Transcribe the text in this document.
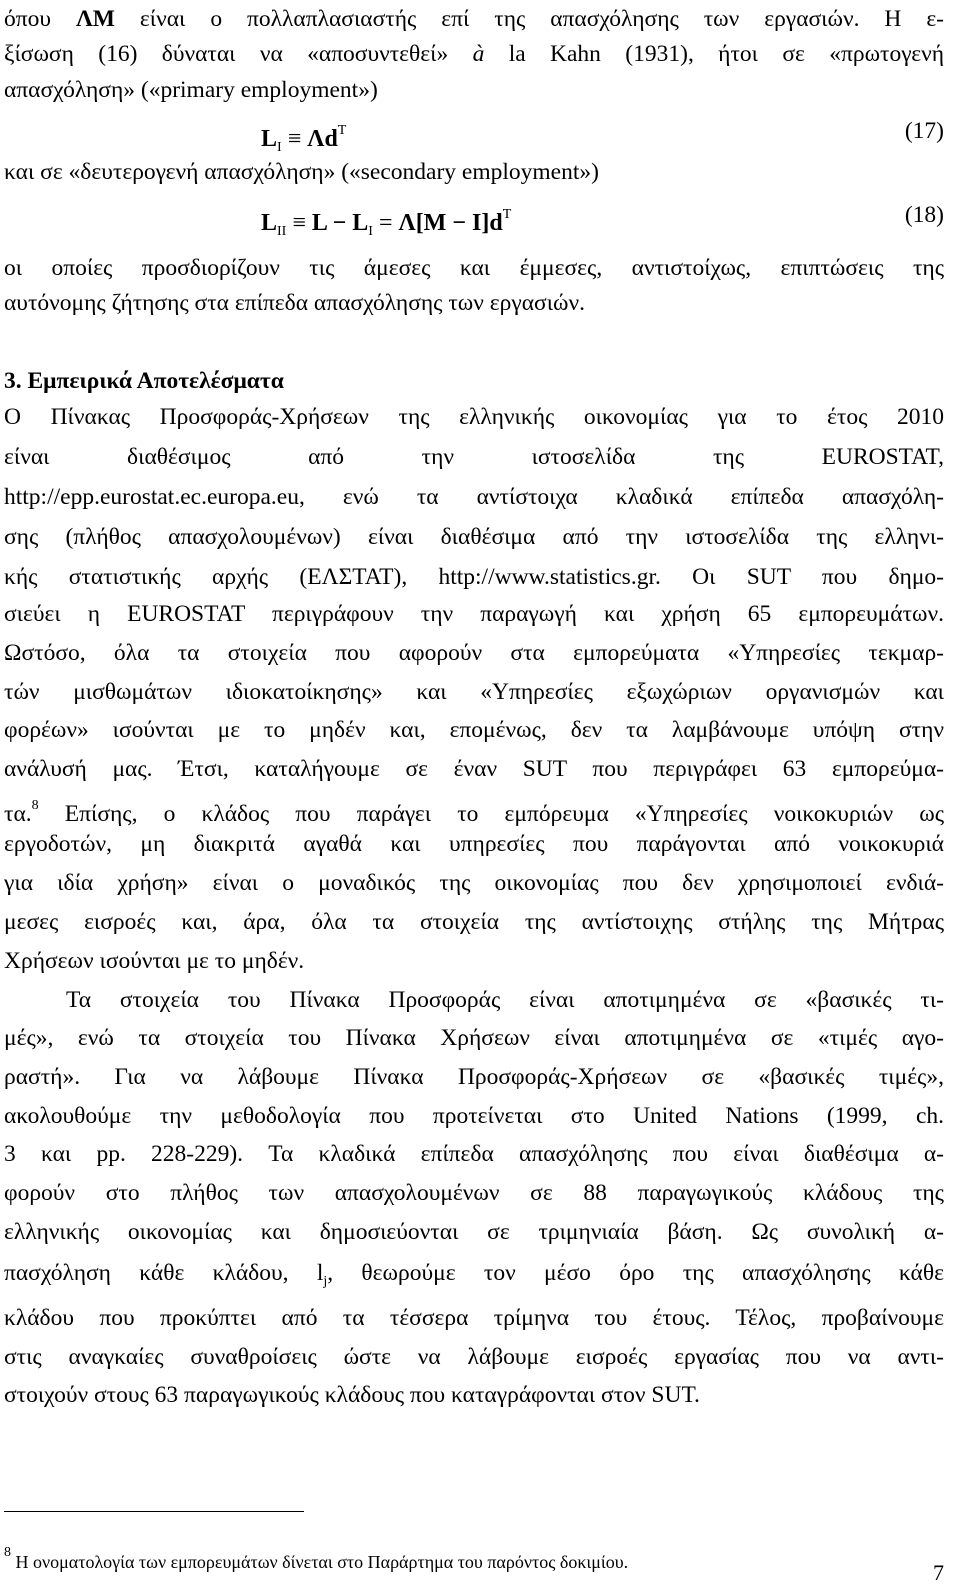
όπου ΛΜ είναι ο πολλαπλασιαστής επί της απασχόλησης των εργασιών. Η ε-
ξίσωση (16) δύναται να «αποσυντεθεί» à la Kahn (1931), ήτοι σε «πρωτογενή
απασχόληση» («primary employment»)
$L_I \equiv \Lambda d^T$	(17)
και σε «δευτερογενή απασχόληση» («secondary employment»)
$L_{II} \equiv L - L_I = \Lambda[M - I]d^T$	(18)
οι οποίες προσδιορίζουν τις άμεσες και έμμεσες, αντιστοίχως, επιπτώσεις της
αυτόνομης ζήτησης στα επίπεδα απασχόλησης των εργασιών.
3. Εμπειρικά Αποτελέσματα
Ο Πίνακας Προσφοράς-Χρήσεων της ελληνικής οικονομίας για το έτος 2010
είναι διαθέσιμος από την ιστοσελίδα της EUROSTAT,
http://epp.eurostat.ec.europa.eu, ενώ τα αντίστοιχα κλαδικά επίπεδα απασχόλη-
σης (πλήθος απασχολουμένων) είναι διαθέσιμα από την ιστοσελίδα της ελληνι-
κής στατιστικής αρχής (ΕΛΣΤΑΤ), http://www.statistics.gr. Οι SUT που δημο-
σιεύει η EUROSTAT περιγράφουν την παραγωγή και χρήση 65 εμπορευμάτων.
Ωστόσο, όλα τα στοιχεία που αφορούν στα εμπορεύματα «Υπηρεσίες τεκμαρ-
τών μισθωμάτων ιδιοκατοίκησης» και «Υπηρεσίες εξωχώριων οργανισμών και
φορέων» ισούνται με το μηδέν και, επομένως, δεν τα λαμβάνουμε υπόψη στην
ανάλυσή μας. Έτσι, καταλήγουμε σε έναν SUT που περιγράφει 63 εμπορεύμα-
τα.$^8$ Επίσης, ο κλάδος που παράγει το εμπόρευμα «Υπηρεσίες νοικοκυριών ως
εργοδοτών, μη διακριτά αγαθά και υπηρεσίες που παράγονται από νοικοκυριά
για ιδία χρήση» είναι ο μοναδικός της οικονομίας που δεν χρησιμοποιεί ενδιά-
μεσες εισροές και, άρα, όλα τα στοιχεία της αντίστοιχης στήλης της Μήτρας
Χρήσεων ισούνται με το μηδέν.
Τα στοιχεία του Πίνακα Προσφοράς είναι αποτιμημένα σε «βασικές τι-
μές», ενώ τα στοιχεία του Πίνακα Χρήσεων είναι αποτιμημένα σε «τιμές αγο-
ραστή». Για να λάβουμε Πίνακα Προσφοράς-Χρήσεων σε «βασικές τιμές»,
ακολουθούμε την μεθοδολογία που προτείνεται στο United Nations (1999, ch.
3 και pp. 228-229). Τα κλαδικά επίπεδα απασχόλησης που είναι διαθέσιμα α-
φορούν στο πλήθος των απασχολουμένων σε 88 παραγωγικούς κλάδους της
ελληνικής οικονομίας και δημοσιεύονται σε τριμηνιαία βάση. Ως συνολική α-
πασχόληση κάθε κλάδου, $l_j$, θεωρούμε τον μέσο όρο της απασχόλησης κάθε
κλάδου που προκύπτει από τα τέσσερα τρίμηνα του έτους. Τέλος, προβαίνουμε
στις αναγκαίες συναθροίσεις ώστε να λάβουμε εισροές εργασίας που να αντι-
στοιχούν στους 63 παραγωγικούς κλάδους που καταγράφονται στον SUT.
$^8$ Η ονοματολογία των εμπορευμάτων δίνεται στο Παράρτημα του παρόντος δοκιμίου.	7
